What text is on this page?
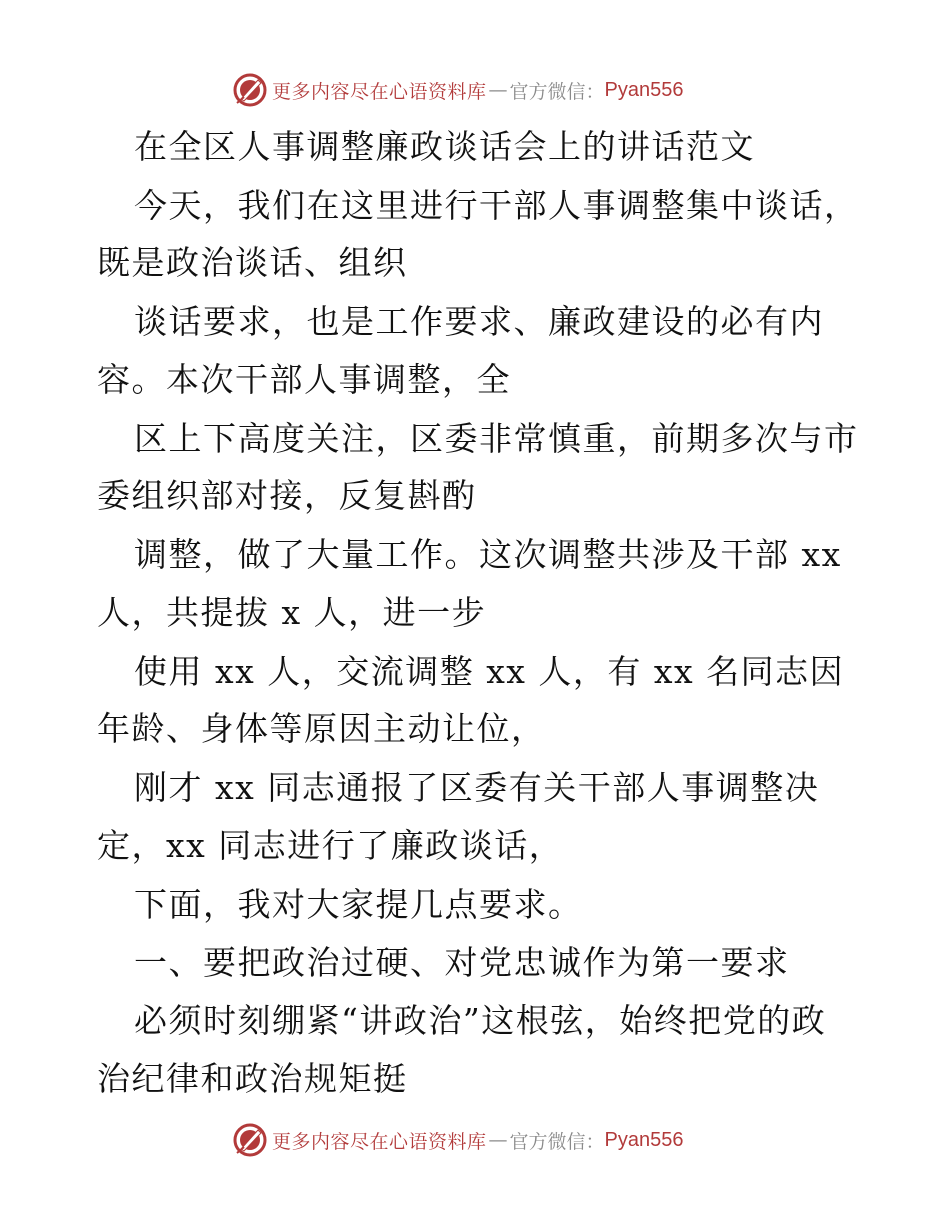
更多内容尽在心语资料库 — 官方微信： Pyan556
在全区人事调整廉政谈话会上的讲话范文
今天，我们在这里进行干部人事调整集中谈话，
既是政治谈话、组织
谈话要求，也是工作要求、廉政建设的必有内
容。本次干部人事调整，全
区上下高度关注，区委非常慎重，前期多次与市
委组织部对接，反复斟酌
调整，做了大量工作。这次调整共涉及干部 xx
人，共提拔 x 人，进一步
使用 xx 人，交流调整 xx 人，有 xx 名同志因
年龄、身体等原因主动让位，
刚才 xx 同志通报了区委有关干部人事调整决
定，xx 同志进行了廉政谈话，
下面，我对大家提几点要求。
一、要把政治过硬、对党忠诚作为第一要求
必须时刻绷紧“讲政治”这根弦，始终把党的政
治纪律和政治规矩挺
更多内容尽在心语资料库 — 官方微信： Pyan556
